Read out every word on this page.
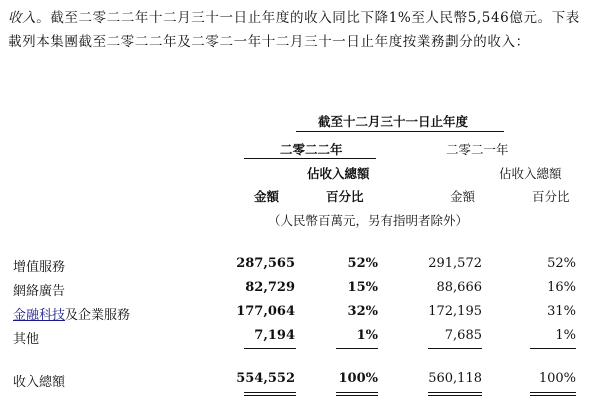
收入。截至二零二二年十二月三十一日止年度的收入同比下降1%至人民幣5,546億元。下表載列本集團截至二零二二年及二零二一年十二月三十一日止年度按業務劃分的收入：
截至十二月三十一日止年度
二零二二年	二零二一年
佔收入總額	佔收入總額
金額	百分比	金額	百分比
（人民幣百萬元，另有指明者除外）
增值服務	287,565	52%	291,572	52%
網絡廣告	82,729	15%	88,666	16%
金融科技及企業服務	177,064	32%	172,195	31%
其他	7,194	1%	7,685	1%
收入總額	554,552	100%	560,118	100%
